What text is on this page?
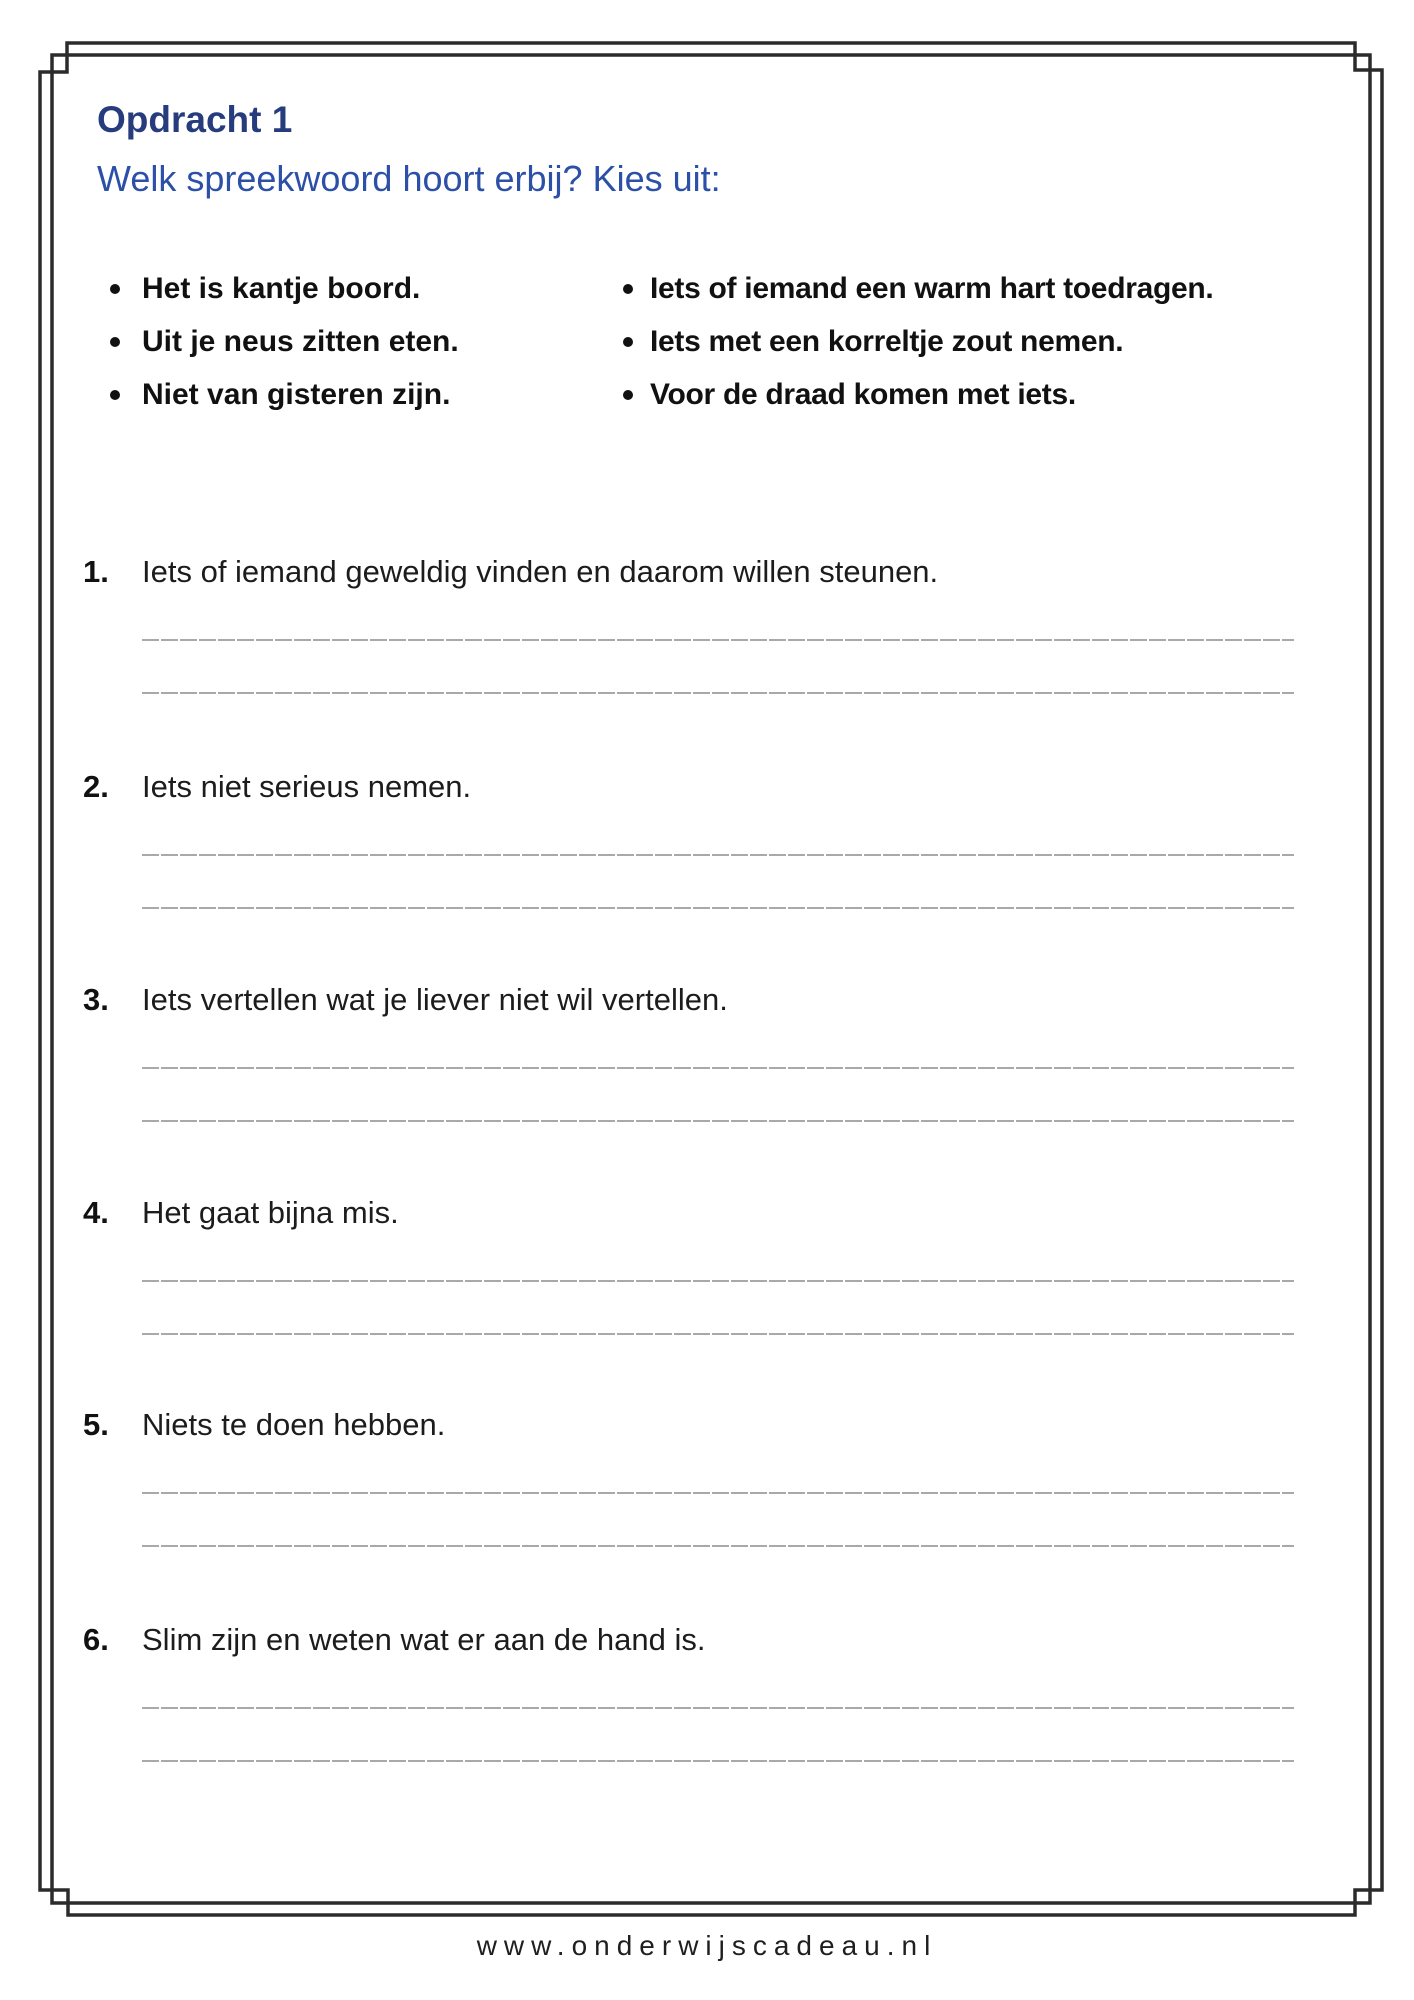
Opdracht 1
Welk spreekwoord hoort erbij? Kies uit:
Het is kantje boord.
Uit je neus zitten eten.
Niet van gisteren zijn.
Iets of iemand een warm hart toedragen.
Iets met een korreltje zout nemen.
Voor de draad komen met iets.
1. Iets of iemand geweldig vinden en daarom willen steunen.
2. Iets niet serieus nemen.
3. Iets vertellen wat je liever niet wil vertellen.
4. Het gaat bijna mis.
5. Niets te doen hebben.
6. Slim zijn en weten wat er aan de hand is.
www.onderwijscadeau.nl
